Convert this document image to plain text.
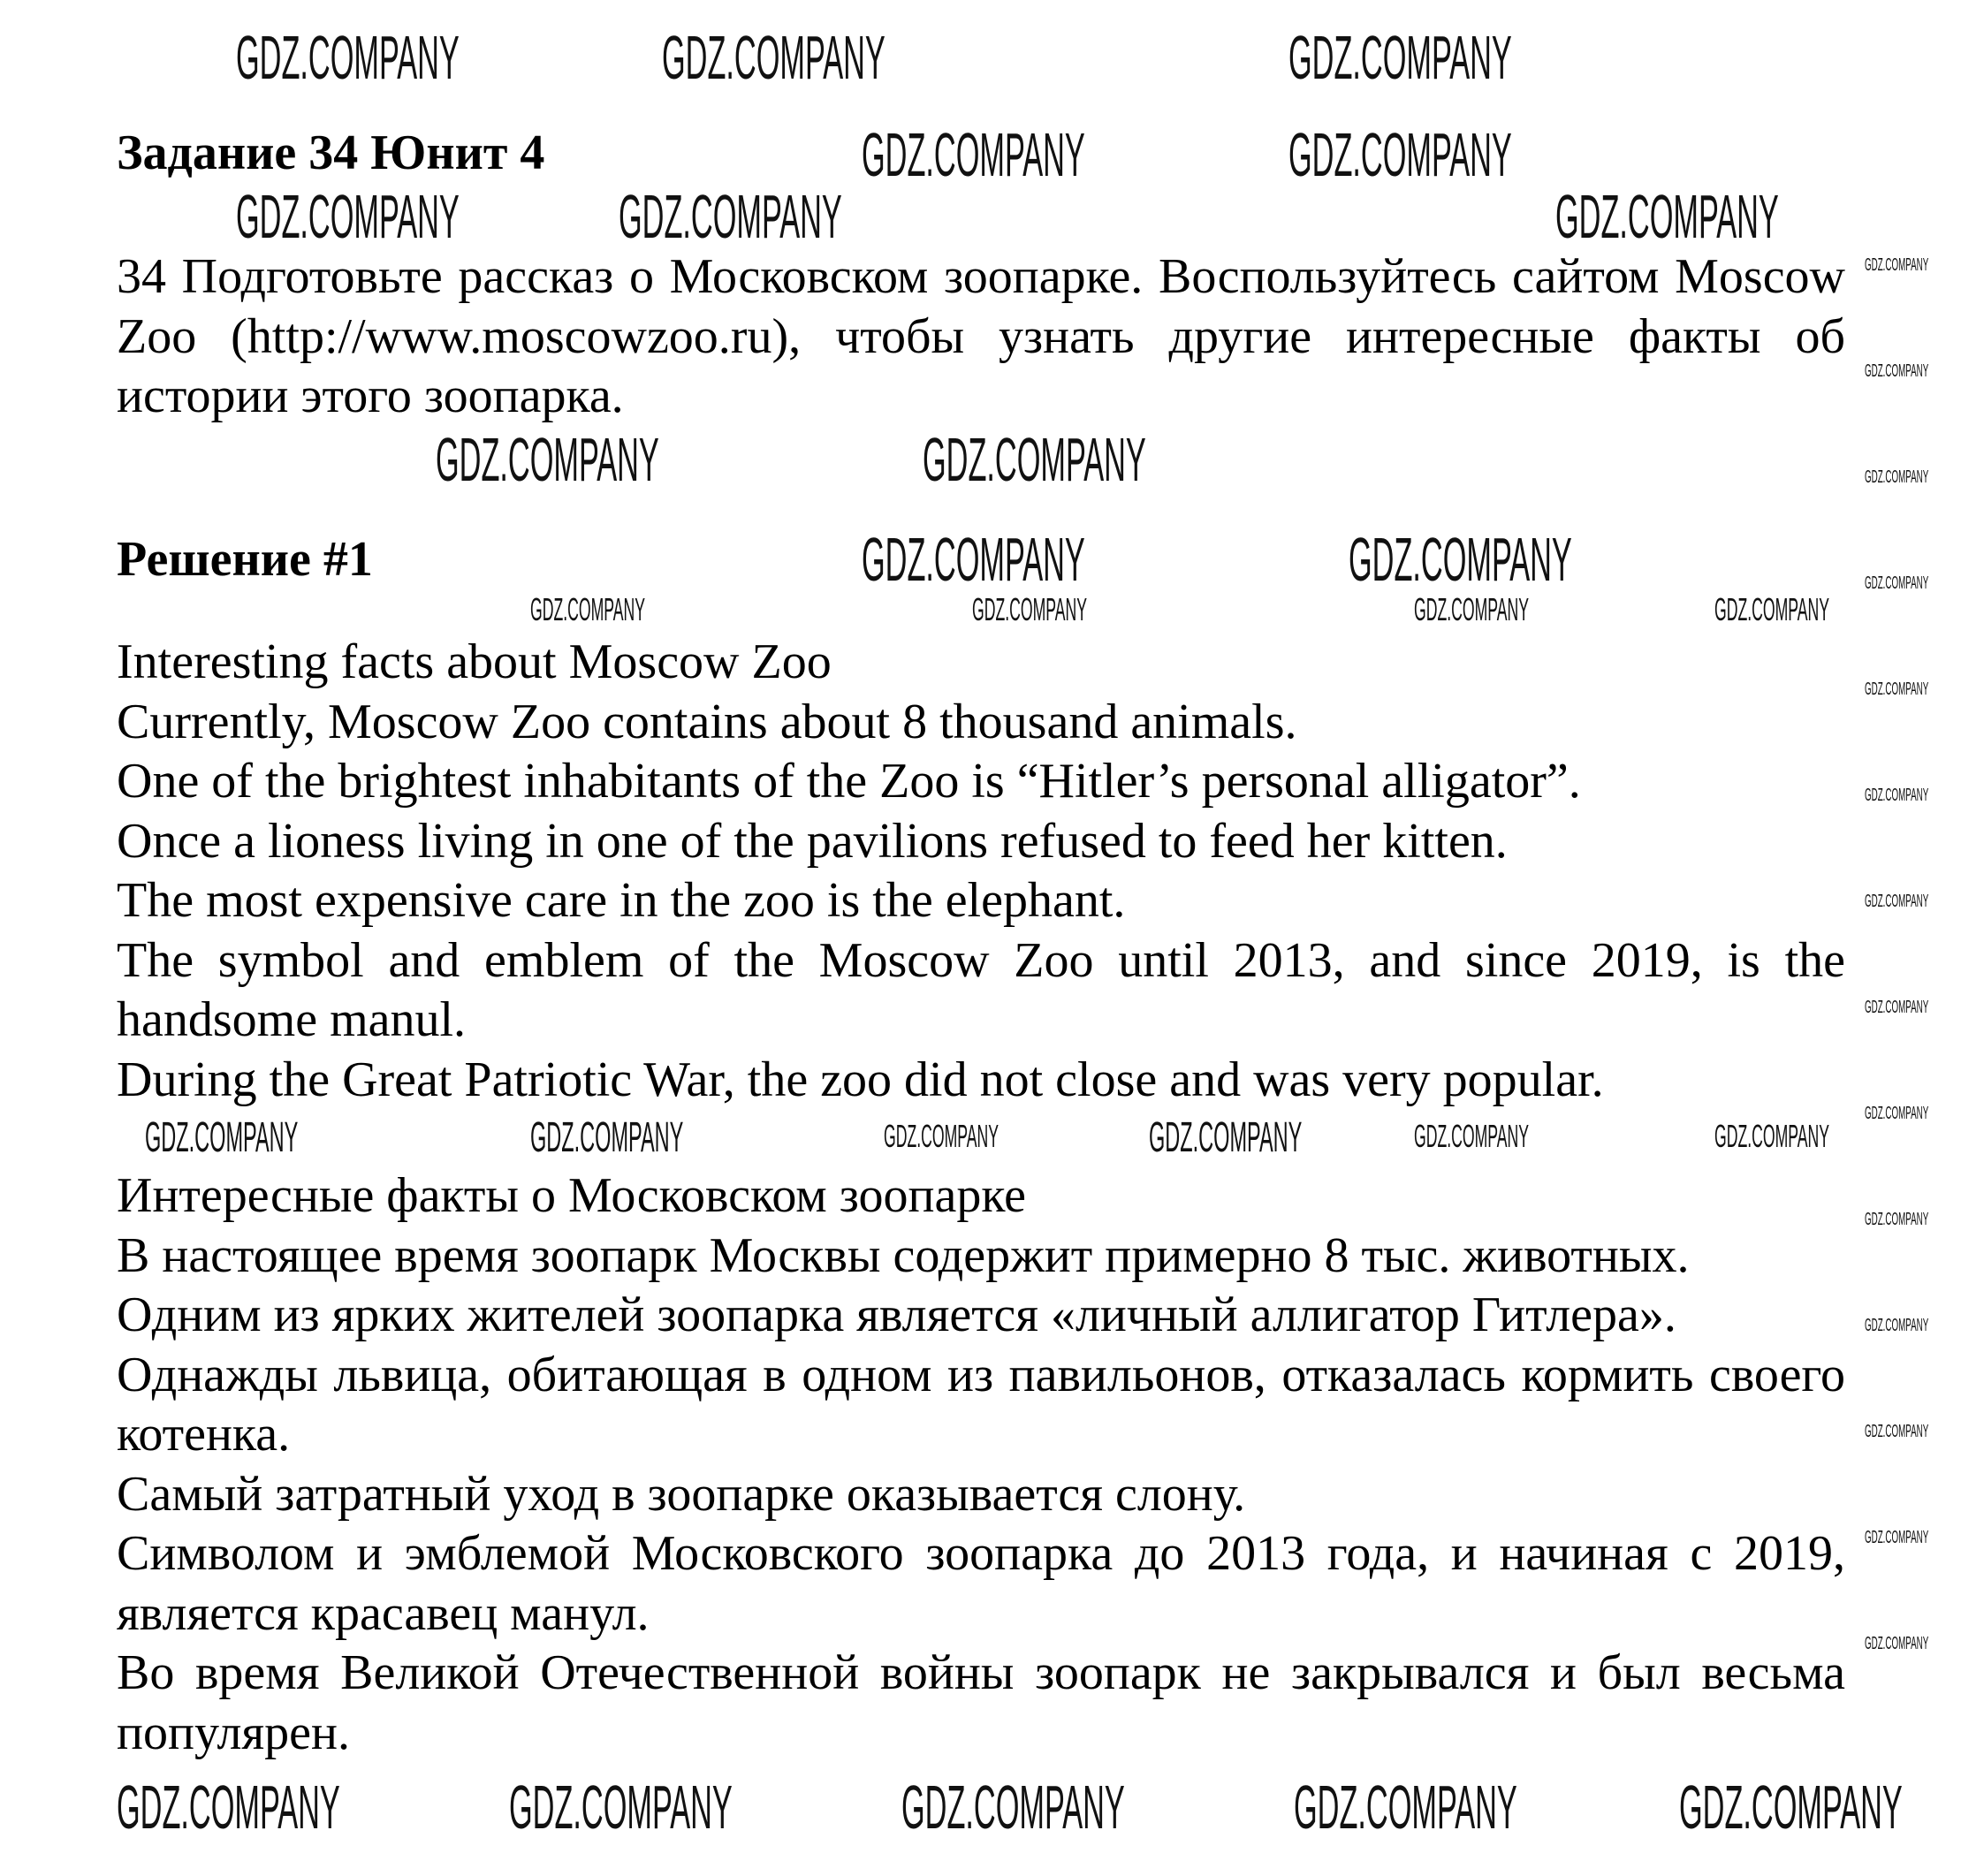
Задание 34 Юнит 4

34 Подготовьте рассказ о Московском зоопарке. Воспользуйтесь сайтом Moscow Zoo (http://www.moscowzoo.ru), чтобы узнать другие интересные факты об истории этого зоопарка.

Решение #1

Interesting facts about Moscow Zoo

Currently, Moscow Zoo contains about 8 thousand animals.

One of the brightest inhabitants of the Zoo is “Hitler’s personal alligator”.

Once a lioness living in one of the pavilions refused to feed her kitten.

The most expensive care in the zoo is the elephant.

The symbol and emblem of the Moscow Zoo until 2013, and since 2019, is the handsome manul.

During the Great Patriotic War, the zoo did not close and was very popular.

Интересные факты о Московском зоопарке

В настоящее время зоопарк Москвы содержит примерно 8 тыс. животных.

Одним из ярких жителей зоопарка является «личный аллигатор Гитлера».

Однажды львица, обитающая в одном из павильонов, отказалась кормить своего котенка.

Самый затратный уход в зоопарке оказывается слону.

Символом и эмблемой Московского зоопарка до 2013 года, и начиная с 2019, является красавец манул.

Во время Великой Отечественной войны зоопарк не закрывался и был весьма популярен.

GDZ.COMPANY	GDZ.COMPANY	GDZ.COMPANY
GDZ.COMPANY	GDZ.COMPANY
GDZ.COMPANY	GDZ.COMPANY	GDZ.COMPANY
GDZ.COMPANY	GDZ.COMPANY
GDZ.COMPANY	GDZ.COMPANY
GDZ.COMPANY	GDZ.COMPANY	GDZ.COMPANY	GDZ.COMPANY	GDZ.COMPANY
GDZ.COMPANY	GDZ.COMPANY	GDZ.COMPANY	GDZ.COMPANY
GDZ.COMPANY	GDZ.COMPANY	GDZ.COMPANY
GDZ.COMPANY	GDZ.COMPANY	GDZ.COMPANY
GDZ.COMPANY
GDZ.COMPANY
GDZ.COMPANY
GDZ.COMPANY
GDZ.COMPANY
GDZ.COMPANY
GDZ.COMPANY
GDZ.COMPANY
GDZ.COMPANY
GDZ.COMPANY
GDZ.COMPANY
GDZ.COMPANY
GDZ.COMPANY
GDZ.COMPANY
